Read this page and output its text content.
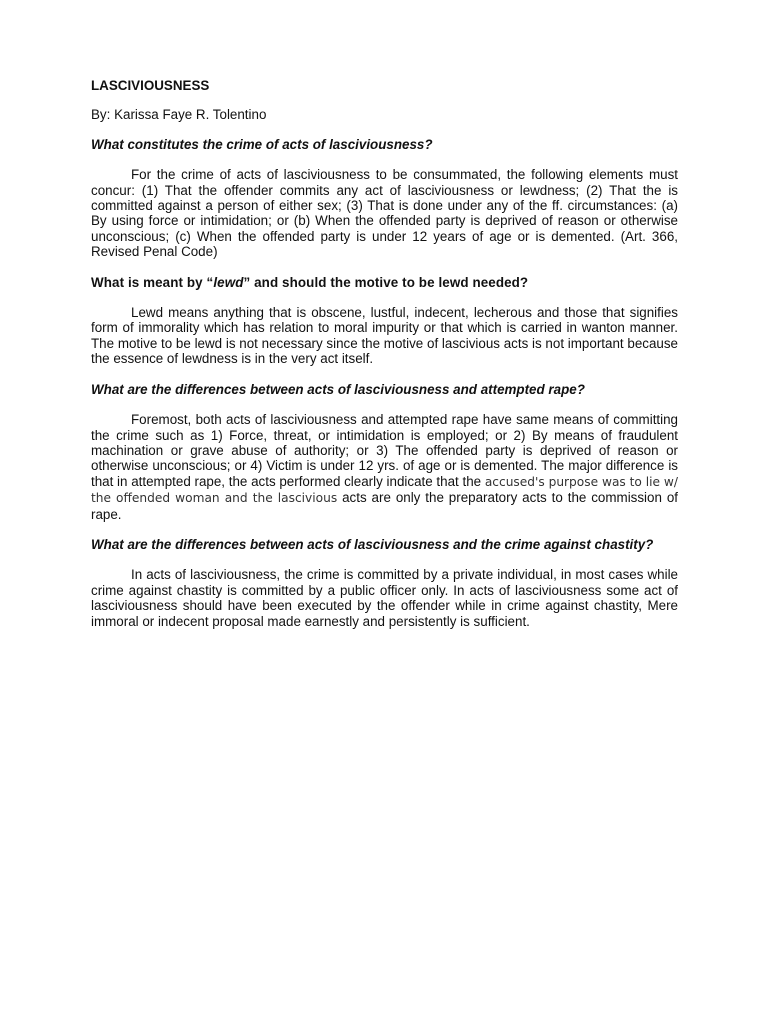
LASCIVIOUSNESS
By: Karissa Faye R. Tolentino
What constitutes the crime of acts of lasciviousness?

For the crime of acts of lasciviousness to be consummated, the following elements must concur: (1) That the offender commits any act of lasciviousness or lewdness; (2) That the is committed against a person of either sex; (3) That is done under any of the ff. circumstances: (a) By using force or intimidation; or (b) When the offended party is deprived of reason or otherwise unconscious; (c) When the offended party is under 12 years of age or is demented. (Art. 366, Revised Penal Code)

What is meant by “lewd” and should the motive to be lewd needed?

Lewd means anything that is obscene, lustful, indecent, lecherous and those that signifies form of immorality which has relation to moral impurity or that which is carried in wanton manner. The motive to be lewd is not necessary since the motive of lascivious acts is not important because the essence of lewdness is in the very act itself.

What are the differences between acts of lasciviousness and attempted rape?

Foremost, both acts of lasciviousness and attempted rape have same means of committing the crime such as 1) Force, threat, or intimidation is employed; or 2) By means of fraudulent machination or grave abuse of authority; or 3) The offended party is deprived of reason or otherwise unconscious; or 4) Victim is under 12 yrs. of age or is demented. The major difference is that in attempted rape, the acts performed clearly indicate that the accused's purpose was to lie w/ the offended woman and the lascivious acts are only the preparatory acts to the commission of rape.

What are the differences between acts of lasciviousness and the crime against chastity?

In acts of lasciviousness, the crime is committed by a private individual, in most cases while crime against chastity is committed by a public officer only. In acts of lasciviousness some act of lasciviousness should have been executed by the offender while in crime against chastity, Mere immoral or indecent proposal made earnestly and persistently is sufficient.
